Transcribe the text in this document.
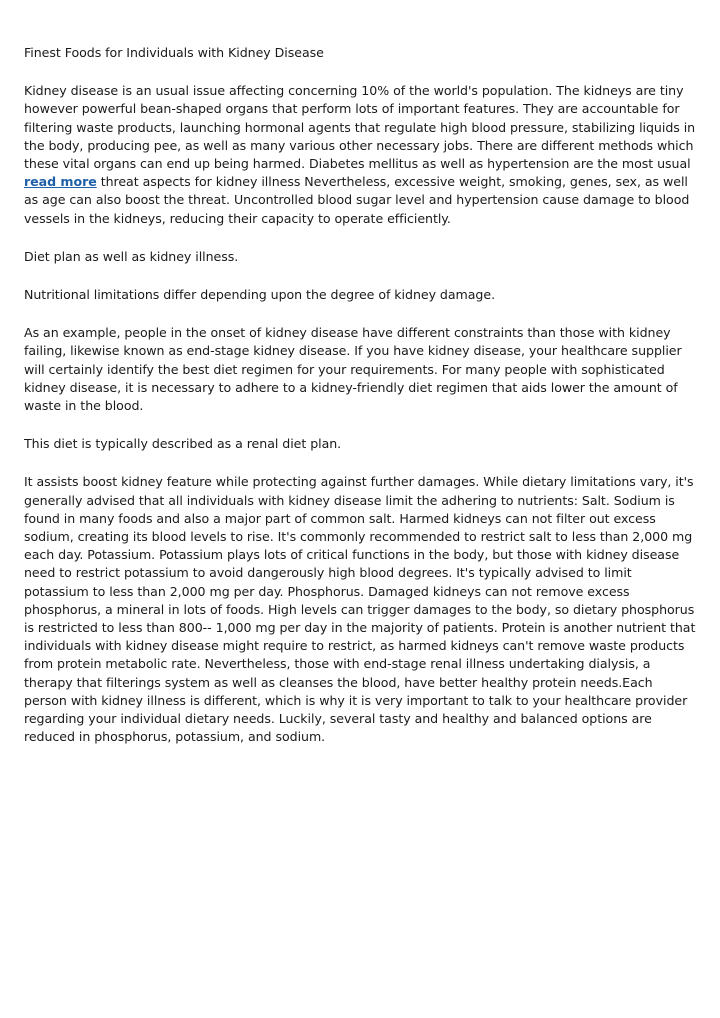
Finest Foods for Individuals with Kidney Disease

Kidney disease is an usual issue affecting concerning 10% of the world's population. The kidneys are tiny however powerful bean-shaped organs that perform lots of important features. They are accountable for filtering waste products, launching hormonal agents that regulate high blood pressure, stabilizing liquids in the body, producing pee, as well as many various other necessary jobs. There are different methods which these vital organs can end up being harmed. Diabetes mellitus as well as hypertension are the most usual read more threat aspects for kidney illness Nevertheless, excessive weight, smoking, genes, sex, as well as age can also boost the threat. Uncontrolled blood sugar level and hypertension cause damage to blood vessels in the kidneys, reducing their capacity to operate efficiently.

Diet plan as well as kidney illness.

Nutritional limitations differ depending upon the degree of kidney damage.

As an example, people in the onset of kidney disease have different constraints than those with kidney failing, likewise known as end-stage kidney disease. If you have kidney disease, your healthcare supplier will certainly identify the best diet regimen for your requirements. For many people with sophisticated kidney disease, it is necessary to adhere to a kidney-friendly diet regimen that aids lower the amount of waste in the blood.

This diet is typically described as a renal diet plan.

It assists boost kidney feature while protecting against further damages. While dietary limitations vary, it's generally advised that all individuals with kidney disease limit the adhering to nutrients: Salt. Sodium is found in many foods and also a major part of common salt. Harmed kidneys can not filter out excess sodium, creating its blood levels to rise. It's commonly recommended to restrict salt to less than 2,000 mg each day. Potassium. Potassium plays lots of critical functions in the body, but those with kidney disease need to restrict potassium to avoid dangerously high blood degrees. It's typically advised to limit potassium to less than 2,000 mg per day. Phosphorus. Damaged kidneys can not remove excess phosphorus, a mineral in lots of foods. High levels can trigger damages to the body, so dietary phosphorus is restricted to less than 800-- 1,000 mg per day in the majority of patients. Protein is another nutrient that individuals with kidney disease might require to restrict, as harmed kidneys can't remove waste products from protein metabolic rate. Nevertheless, those with end-stage renal illness undertaking dialysis, a therapy that filterings system as well as cleanses the blood, have better healthy protein needs.Each person with kidney illness is different, which is why it is very important to talk to your healthcare provider regarding your individual dietary needs. Luckily, several tasty and healthy and balanced options are reduced in phosphorus, potassium, and sodium.
